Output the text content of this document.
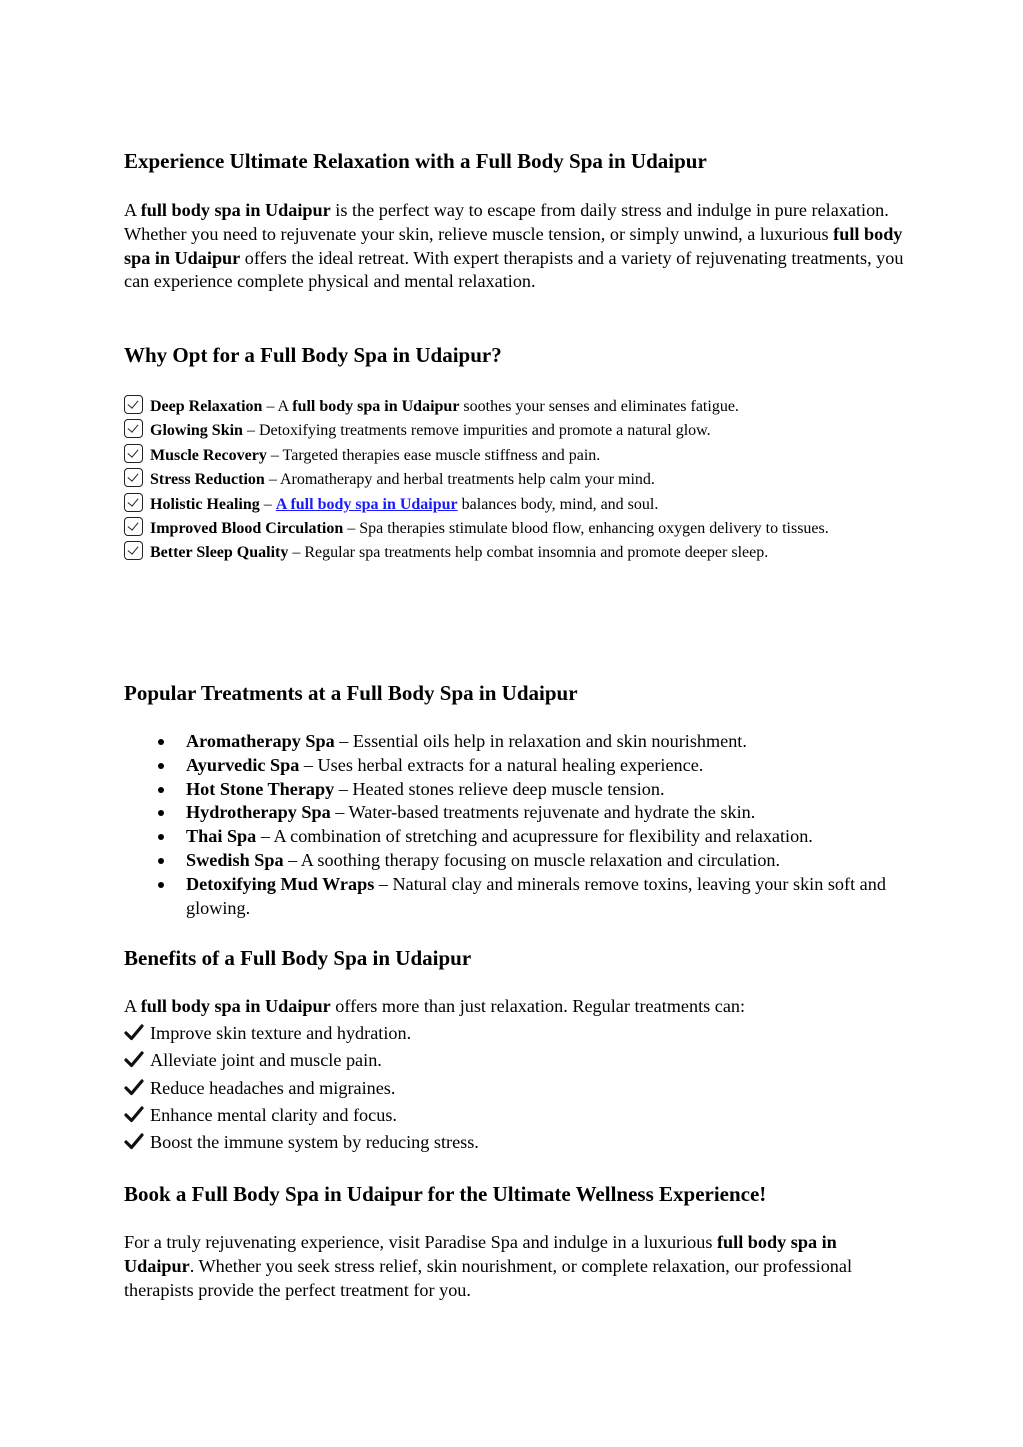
Experience Ultimate Relaxation with a Full Body Spa in Udaipur

A full body spa in Udaipur is the perfect way to escape from daily stress and indulge in pure relaxation. Whether you need to rejuvenate your skin, relieve muscle tension, or simply unwind, a luxurious full body spa in Udaipur offers the ideal retreat. With expert therapists and a variety of rejuvenating treatments, you can experience complete physical and mental relaxation.

Why Opt for a Full Body Spa in Udaipur?
Deep Relaxation – A full body spa in Udaipur soothes your senses and eliminates fatigue.
Glowing Skin – Detoxifying treatments remove impurities and promote a natural glow.
Muscle Recovery – Targeted therapies ease muscle stiffness and pain.
Stress Reduction – Aromatherapy and herbal treatments help calm your mind.
Holistic Healing – A full body spa in Udaipur balances body, mind, and soul.
Improved Blood Circulation – Spa therapies stimulate blood flow, enhancing oxygen delivery to tissues.
Better Sleep Quality – Regular spa treatments help combat insomnia and promote deeper sleep.
Popular Treatments at a Full Body Spa in Udaipur
Aromatherapy Spa – Essential oils help in relaxation and skin nourishment.
Ayurvedic Spa – Uses herbal extracts for a natural healing experience.
Hot Stone Therapy – Heated stones relieve deep muscle tension.
Hydrotherapy Spa – Water-based treatments rejuvenate and hydrate the skin.
Thai Spa – A combination of stretching and acupressure for flexibility and relaxation.
Swedish Spa – A soothing therapy focusing on muscle relaxation and circulation.
Detoxifying Mud Wraps – Natural clay and minerals remove toxins, leaving your skin soft and glowing.
Benefits of a Full Body Spa in Udaipur
A full body spa in Udaipur offers more than just relaxation. Regular treatments can:
Improve skin texture and hydration.
Alleviate joint and muscle pain.
Reduce headaches and migraines.
Enhance mental clarity and focus.
Boost the immune system by reducing stress.
Book a Full Body Spa in Udaipur for the Ultimate Wellness Experience!

For a truly rejuvenating experience, visit Paradise Spa and indulge in a luxurious full body spa in Udaipur. Whether you seek stress relief, skin nourishment, or complete relaxation, our professional therapists provide the perfect treatment for you.
